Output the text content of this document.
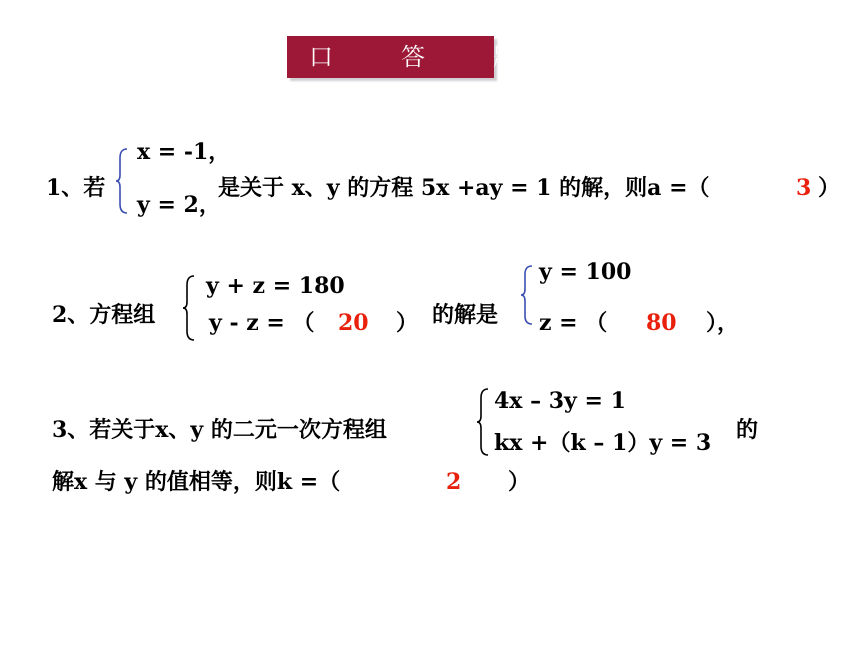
口　答　题
1、若
x = -1，
y = 2，
是关于 x、y 的方程 5x +ay = 1 的解，则a =（	3 ）
2、方程组
y + z = 180
y - z = （ 20 ） 的解是
y = 100
z = （ 80 ），
3、若关于x、y 的二元一次方程组
4x – 3y = 1
kx +（k – 1）y = 3 的
解x 与 y 的值相等，则k =（	2 ）
